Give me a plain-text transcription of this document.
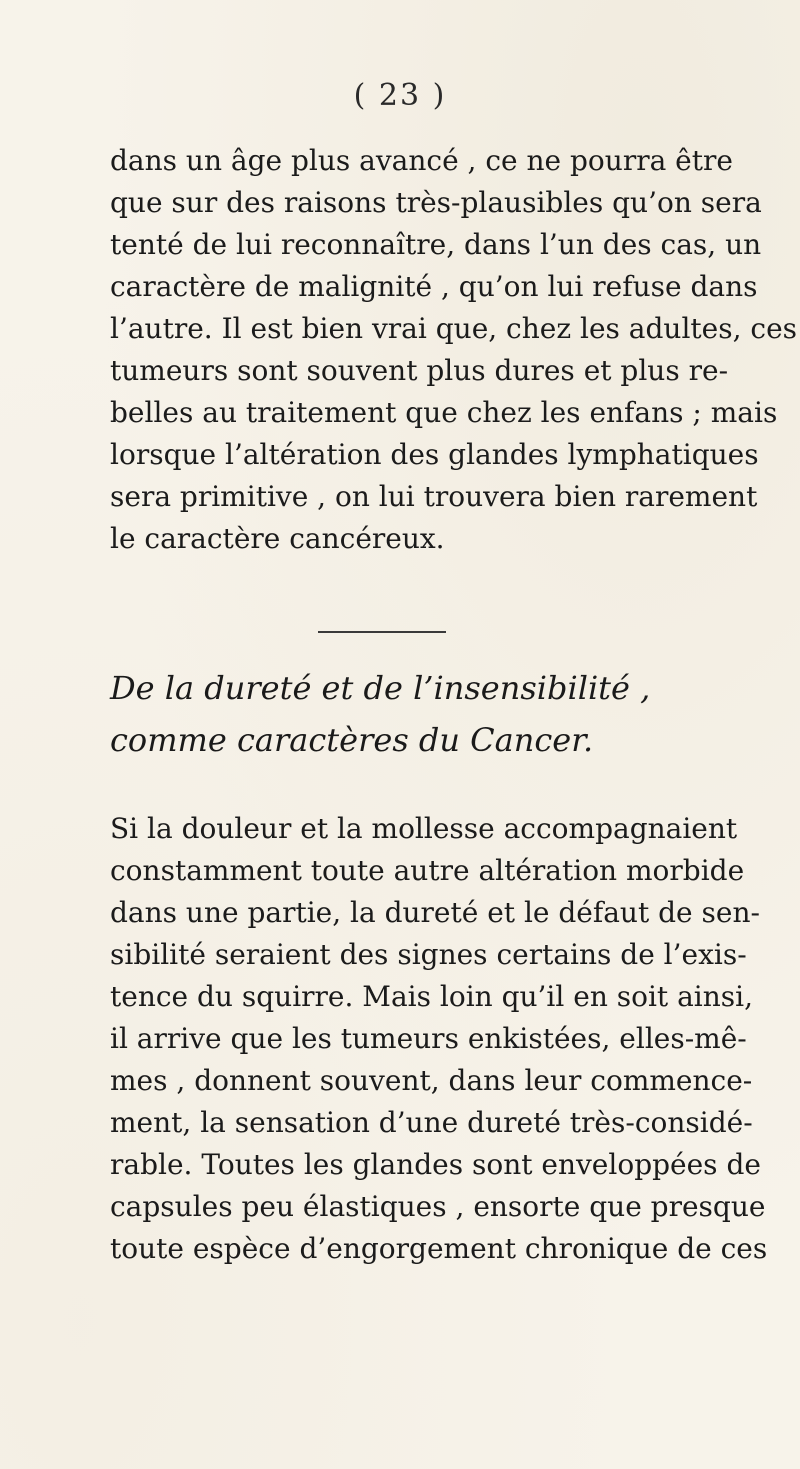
( 23 )
dans un âge plus avancé , ce ne pourra être
que sur des raisons très-plausibles qu’on sera
tenté de lui reconnaître, dans l’un des cas, un
caractère de malignité , qu’on lui refuse dans
l’autre. Il est bien vrai que, chez les adultes, ces
tumeurs sont souvent plus dures et plus re-
belles au traitement que chez les enfans ; mais
lorsque l’altération des glandes lymphatiques
sera primitive , on lui trouvera bien rarement
le caractère cancéreux.
De la dureté et de l’insensibilité ,
comme caractères du Cancer.
Si la douleur et la mollesse accompagnaient
constamment toute autre altération morbide
dans une partie, la dureté et le défaut de sen-
sibilité seraient des signes certains de l’exis-
tence du squirre. Mais loin qu’il en soit ainsi,
il arrive que les tumeurs enkistées, elles-mê-
mes , donnent souvent, dans leur commence-
ment, la sensation d’une dureté très-considé-
rable. Toutes les glandes sont enveloppées de
capsules peu élastiques , ensorte que presque
toute espèce d’engorgement chronique de ces
